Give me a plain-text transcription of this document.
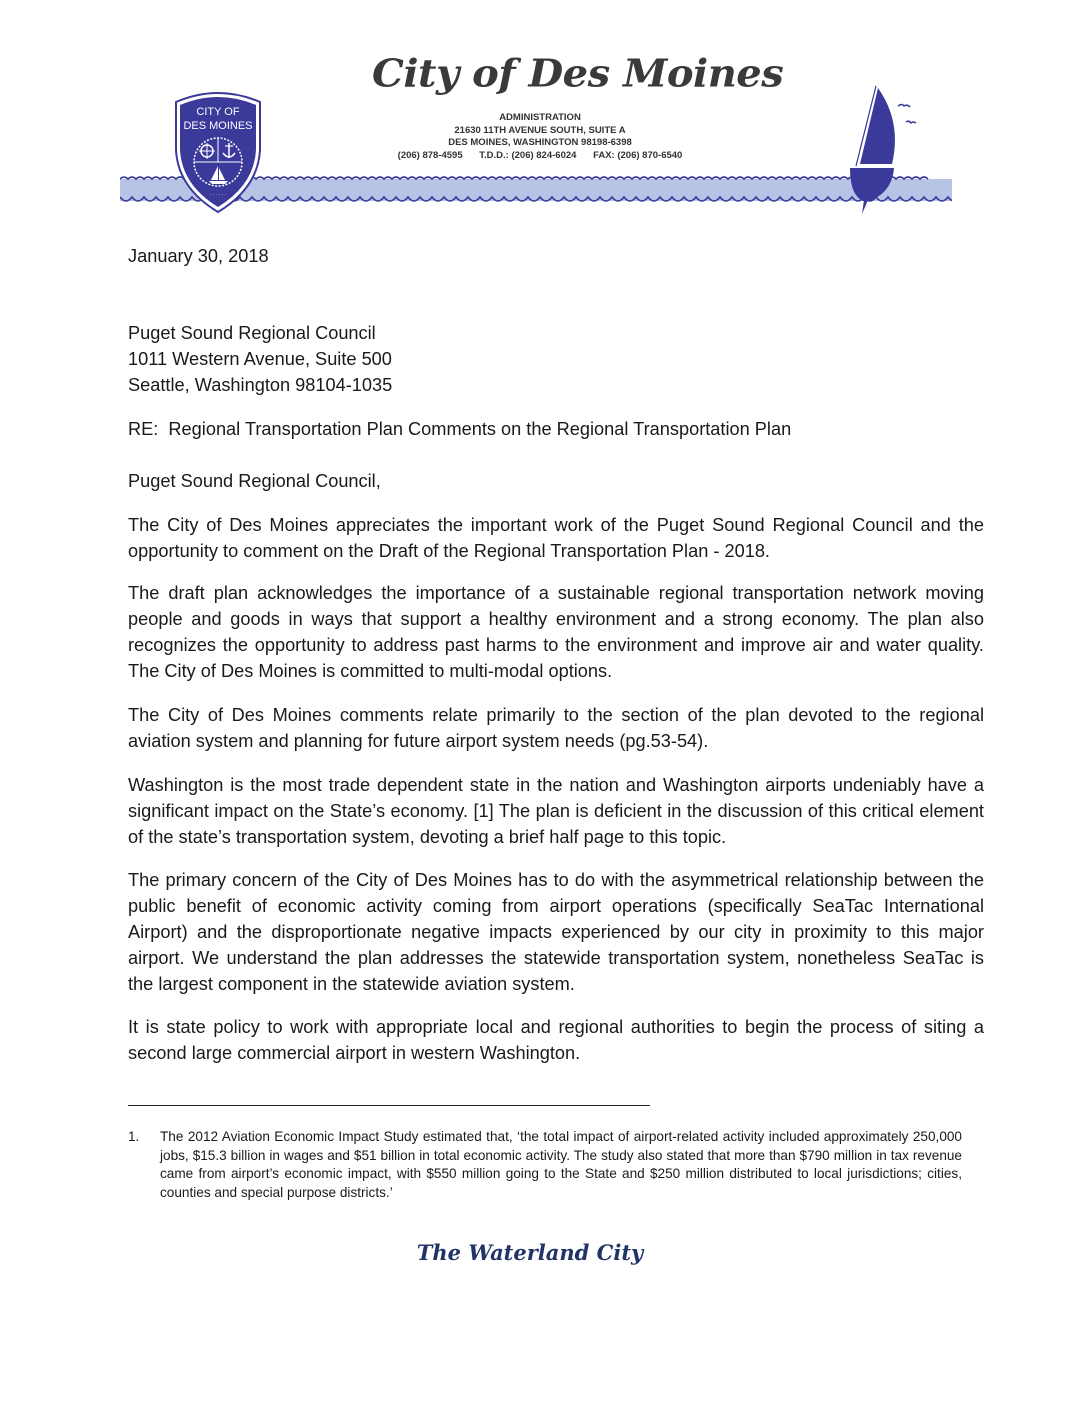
CITY OF
DES MOINES
· · · · · ·
City of Des Moines
ADMINISTRATION
21630 11TH AVENUE SOUTH, SUITE A
DES MOINES, WASHINGTON 98198-6398
(206) 878-4595 T.D.D.: (206) 824-6024 FAX: (206) 870-6540
January 30, 2018
Puget Sound Regional Council
1011 Western Avenue, Suite 500
Seattle, Washington 98104-1035
RE:  Regional Transportation Plan Comments on the Regional Transportation Plan
Puget Sound Regional Council,
The City of Des Moines appreciates the important work of the Puget Sound Regional Council and the opportunity to comment on the Draft of the Regional Transportation Plan - 2018.
The draft plan acknowledges the importance of a sustainable regional transportation network moving people and goods in ways that support a healthy environment and a strong economy. The plan also recognizes the opportunity to address past harms to the environment and improve air and water quality. The City of Des Moines is committed to multi-modal options.
The City of Des Moines comments relate primarily to the section of the plan devoted to the regional aviation system and planning for future airport system needs (pg.53-54).
Washington is the most trade dependent state in the nation and Washington airports undeniably have a significant impact on the State’s economy. [1] The plan is deficient in the discussion of this critical element of the state’s transportation system, devoting a brief half page to this topic.
The primary concern of the City of Des Moines has to do with the asymmetrical relationship between the public benefit of economic activity coming from airport operations (specifically SeaTac International Airport) and the disproportionate negative impacts experienced by our city in proximity to this major airport. We understand the plan addresses the statewide transportation system, nonetheless SeaTac is the largest component in the statewide aviation system.
It is state policy to work with appropriate local and regional authorities to begin the process of siting a second large commercial airport in western Washington.
1.	The 2012 Aviation Economic Impact Study estimated that, ‘the total impact of airport-related activity included approximately 250,000 jobs, $15.3 billion in wages and $51 billion in total economic activity. The study also stated that more than $790 million in tax revenue came from airport’s economic impact, with $550 million going to the State and $250 million distributed to local jurisdictions; cities, counties and special purpose districts.’
The Waterland City
